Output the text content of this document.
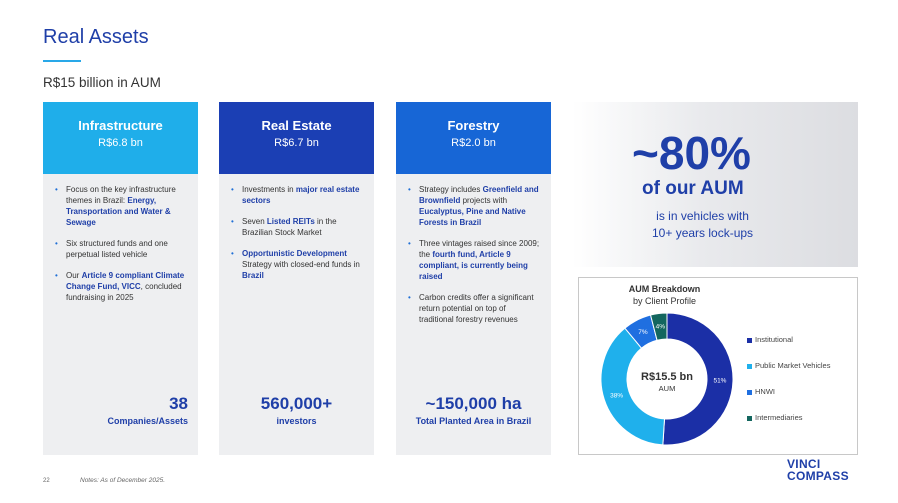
Real Assets
R$15 billion in AUM
Infrastructure
R$6.8 bn
• Focus on the key infrastructure themes in Brazil: Energy, Transportation and Water & Sewage
• Six structured funds and one perpetual listed vehicle
• Our Article 9 compliant Climate Change Fund, VICC, concluded fundraising in 2025
38
Companies/Assets
Real Estate
R$6.7 bn
• Investments in major real estate sectors
• Seven Listed REITs in the Brazilian Stock Market
• Opportunistic Development Strategy with closed-end funds in Brazil
560,000+
investors
Forestry
R$2.0 bn
• Strategy includes Greenfield and Brownfield projects with Eucalyptus, Pine and Native Forests in Brazil
• Three vintages raised since 2009; the fourth fund, Article 9 compliant, is currently being raised
• Carbon credits offer a significant return potential on top of traditional forestry revenues
~150,000 ha
Total Planted Area in Brazil
~80%
of our AUM
is in vehicles with
10+ years lock-ups
AUM Breakdown
by Client Profile
51%
38%
7%
4%
R$15.5 bn
AUM
Institutional
Public Market Vehicles
HNWI
Intermediaries
22	Notes: As of December 2025.
VINCI
COMPASS
